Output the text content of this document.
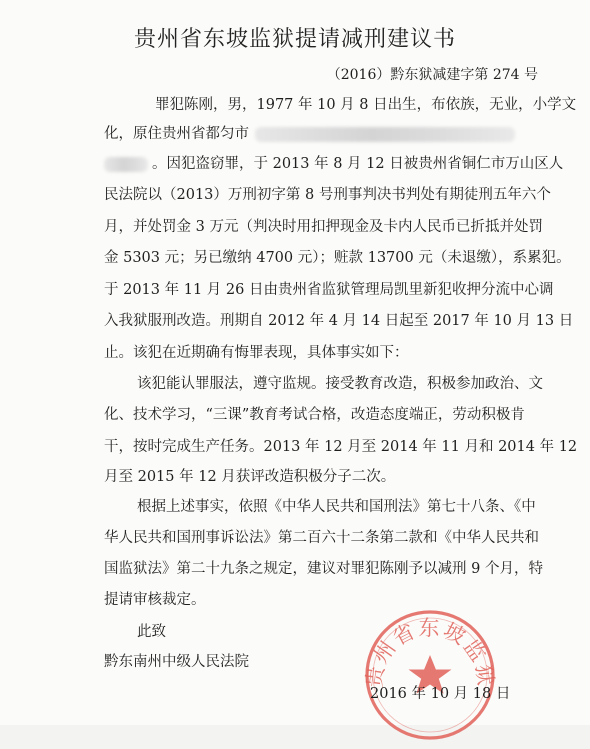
贵州省东坡监狱提请减刑建议书
（2016）黔东狱减建字第 274 号
罪犯陈刚，男，1977 年 10 月 8 日出生，布依族，无业，小学文
化，原住贵州省都匀市
。因犯盗窃罪，于 2013 年 8 月 12 日被贵州省铜仁市万山区人
民法院以（2013）万刑初字第 8 号刑事判决书判处有期徒刑五年六个
月，并处罚金 3 万元（判决时用扣押现金及卡内人民币已折抵并处罚
金 5303 元；另已缴纳 4700 元）；赃款 13700 元（未退缴），系累犯。
于 2013 年 11 月 26 日由贵州省监狱管理局凯里新犯收押分流中心调
入我狱服刑改造。刑期自 2012 年 4 月 14 日起至 2017 年 10 月 13 日
止。该犯在近期确有悔罪表现，具体事实如下：
该犯能认罪服法，遵守监规。接受教育改造，积极参加政治、文
化、技术学习，“三课”教育考试合格，改造态度端正，劳动积极肯
干，按时完成生产任务。2013 年 12 月至 2014 年 11 月和 2014 年 12
月至 2015 年 12 月获评改造积极分子二次。
根据上述事实，依照《中华人民共和国刑法》第七十八条、《中
华人民共和国刑事诉讼法》第二百六十二条第二款和《中华人民共和
国监狱法》第二十九条之规定，建议对罪犯陈刚予以减刑 9 个月，特
提请审核裁定。
此致
黔东南州中级人民法院
贵州省东坡监狱
2016 年 10 月 18 日
